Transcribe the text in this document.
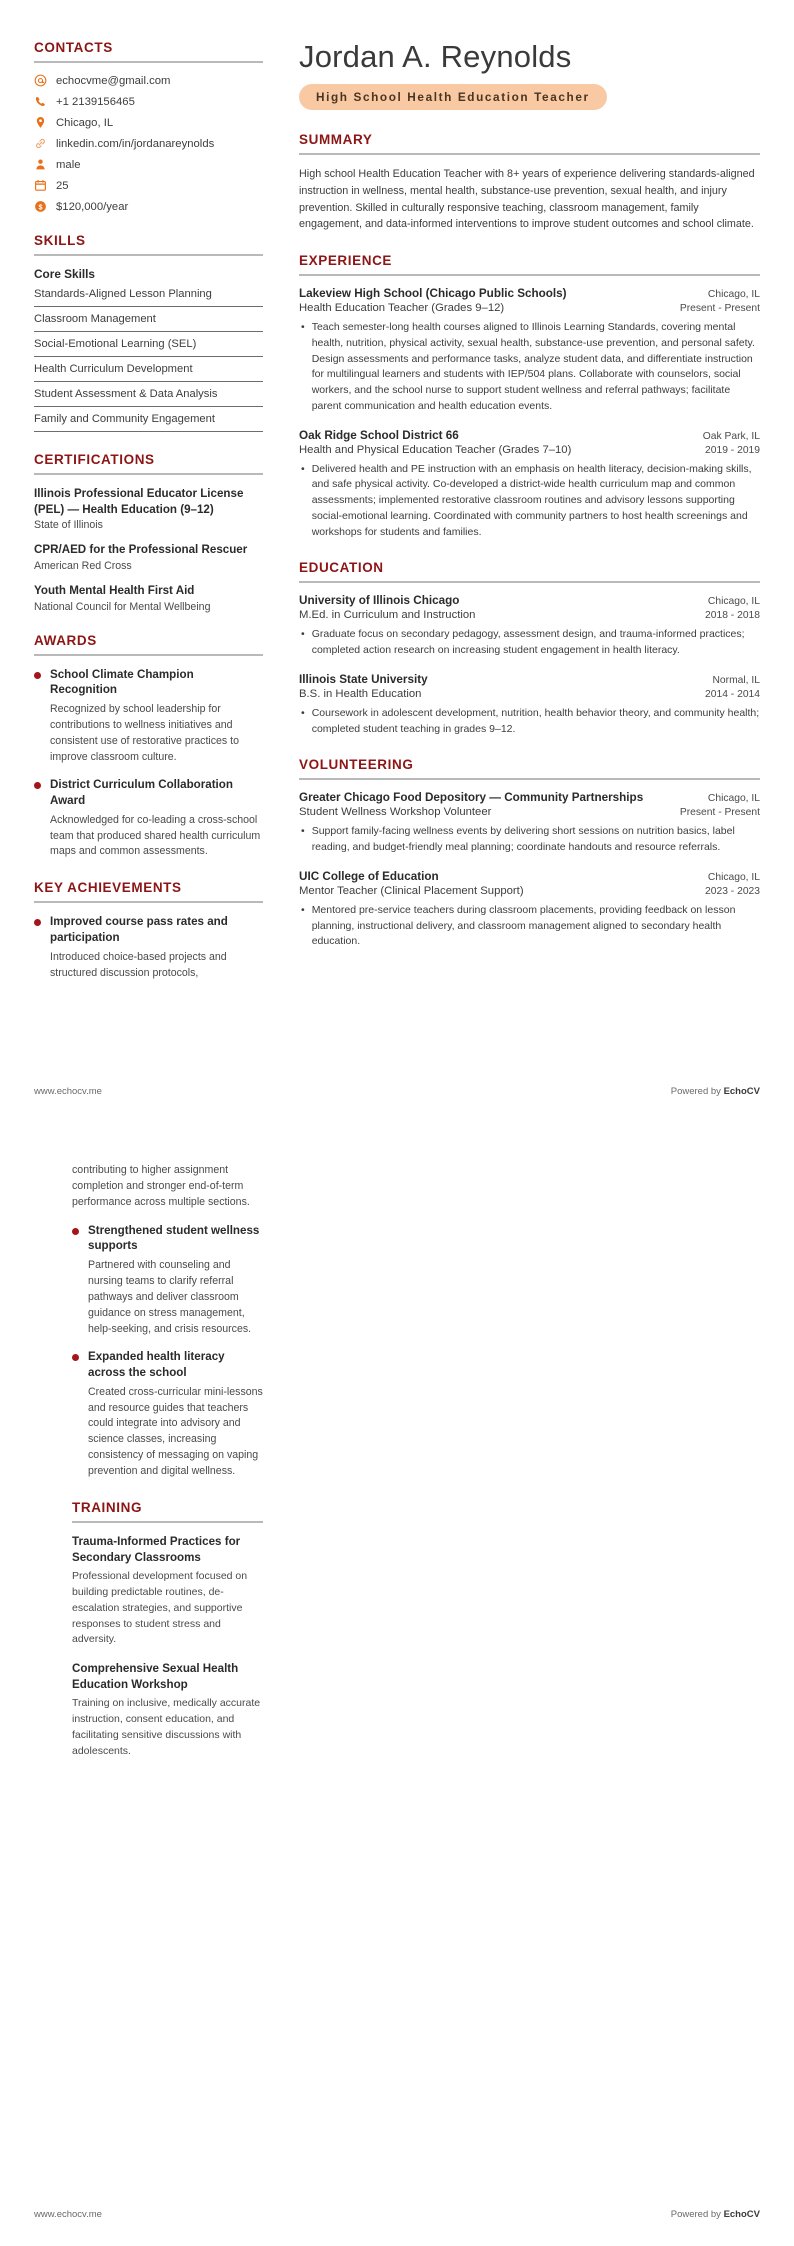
CONTACTS
echocvme@gmail.com
+1 2139156465
Chicago, IL
linkedin.com/in/jordanareynolds
male
25
$ $120,000/year
SKILLS
Core Skills
Standards-Aligned Lesson Planning
Classroom Management
Social-Emotional Learning (SEL)
Health Curriculum Development
Student Assessment & Data Analysis
Family and Community Engagement
CERTIFICATIONS
Illinois Professional Educator License (PEL) — Health Education (9–12)
State of Illinois
CPR/AED for the Professional Rescuer
American Red Cross
Youth Mental Health First Aid
National Council for Mental Wellbeing
AWARDS
School Climate Champion Recognition
Recognized by school leadership for contributions to wellness initiatives and consistent use of restorative practices to improve classroom culture.
District Curriculum Collaboration Award
Acknowledged for co-leading a cross-school team that produced shared health curriculum maps and common assessments.
KEY ACHIEVEMENTS
Improved course pass rates and participation
Introduced choice-based projects and structured discussion protocols,
Jordan A. Reynolds
High School Health Education Teacher
SUMMARY
High school Health Education Teacher with 8+ years of experience delivering standards-aligned instruction in wellness, mental health, substance-use prevention, sexual health, and injury prevention. Skilled in culturally responsive teaching, classroom management, family engagement, and data-informed interventions to improve student outcomes and school climate.
EXPERIENCE
Lakeview High School (Chicago Public Schools)	Chicago, IL
Health Education Teacher (Grades 9–12)	Present - Present
• Teach semester-long health courses aligned to Illinois Learning Standards, covering mental health, nutrition, physical activity, sexual health, substance-use prevention, and personal safety. Design assessments and performance tasks, analyze student data, and differentiate instruction for multilingual learners and students with IEP/504 plans. Collaborate with counselors, social workers, and the school nurse to support student wellness and referral pathways; facilitate parent communication and health education events.
Oak Ridge School District 66	Oak Park, IL
Health and Physical Education Teacher (Grades 7–10)	2019 - 2019
• Delivered health and PE instruction with an emphasis on health literacy, decision-making skills, and safe physical activity. Co-developed a district-wide health curriculum map and common assessments; implemented restorative classroom routines and advisory lessons supporting social-emotional learning. Coordinated with community partners to host health screenings and workshops for students and families.
EDUCATION
University of Illinois Chicago	Chicago, IL
M.Ed. in Curriculum and Instruction	2018 - 2018
• Graduate focus on secondary pedagogy, assessment design, and trauma-informed practices; completed action research on increasing student engagement in health literacy.
Illinois State University	Normal, IL
B.S. in Health Education	2014 - 2014
• Coursework in adolescent development, nutrition, health behavior theory, and community health; completed student teaching in grades 9–12.
VOLUNTEERING
Greater Chicago Food Depository — Community Partnerships	Chicago, IL
Student Wellness Workshop Volunteer	Present - Present
• Support family-facing wellness events by delivering short sessions on nutrition basics, label reading, and budget-friendly meal planning; coordinate handouts and resource referrals.
UIC College of Education	Chicago, IL
Mentor Teacher (Clinical Placement Support)	2023 - 2023
• Mentored pre-service teachers during classroom placements, providing feedback on lesson planning, instructional delivery, and classroom management aligned to secondary health education.
www.echocv.me	Powered by EchoCV
contributing to higher assignment completion and stronger end-of-term performance across multiple sections.
Strengthened student wellness supports
Partnered with counseling and nursing teams to clarify referral pathways and deliver classroom guidance on stress management, help-seeking, and crisis resources.
Expanded health literacy across the school
Created cross-curricular mini-lessons and resource guides that teachers could integrate into advisory and science classes, increasing consistency of messaging on vaping prevention and digital wellness.
TRAINING
Trauma-Informed Practices for Secondary Classrooms
Professional development focused on building predictable routines, de-escalation strategies, and supportive responses to student stress and adversity.
Comprehensive Sexual Health Education Workshop
Training on inclusive, medically accurate instruction, consent education, and facilitating sensitive discussions with adolescents.
www.echocv.me	Powered by EchoCV
